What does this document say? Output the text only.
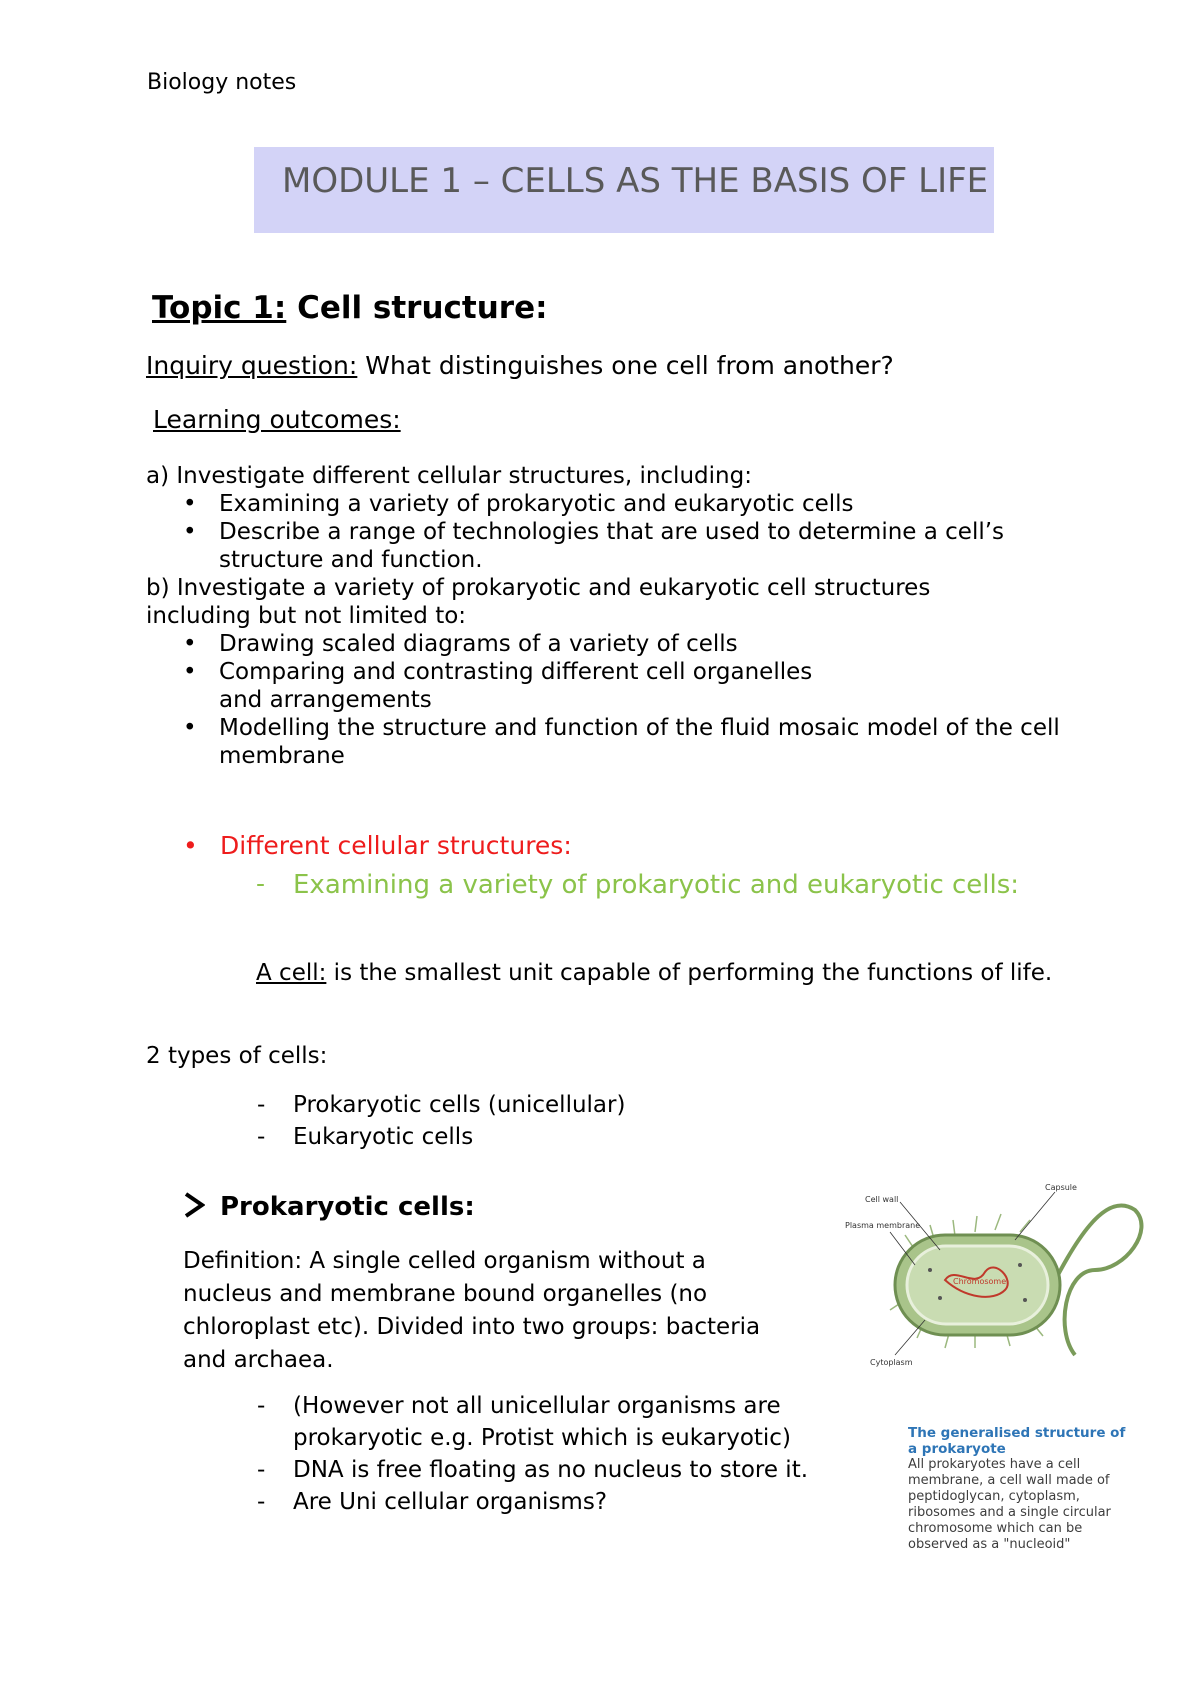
Biology notes
MODULE 1 – CELLS AS THE BASIS OF LIFE
Topic 1: Cell structure:
Inquiry question: What distinguishes one cell from another?
Learning outcomes:
a) Investigate different cellular structures, including:
• Examining a variety of prokaryotic and eukaryotic cells
• Describe a range of technologies that are used to determine a cell’s structure and function.
b) Investigate a variety of prokaryotic and eukaryotic cell structures including but not limited to:
• Drawing scaled diagrams of a variety of cells
• Comparing and contrasting different cell organelles and arrangements
• Modelling the structure and function of the fluid mosaic model of the cell membrane
• Different cellular structures:
- Examining a variety of prokaryotic and eukaryotic cells:
A cell: is the smallest unit capable of performing the functions of life.
2 types of cells:
- Prokaryotic cells (unicellular)
- Eukaryotic cells
Prokaryotic cells:
Definition: A single celled organism without a nucleus and membrane bound organelles (no chloroplast etc). Divided into two groups: bacteria and archaea.
- (However not all unicellular organisms are prokaryotic e.g. Protist which is eukaryotic)
- DNA is free floating as no nucleus to store it.
- Are Uni cellular organisms?
Cell wall
Plasma membrane
Capsule
Cytoplasm
Chromosome
The generalised structure of a prokaryote
All prokaryotes have a cell membrane, a cell wall made of peptidoglycan, cytoplasm, ribosomes and a single circular chromosome which can be observed as a "nucleoid"
